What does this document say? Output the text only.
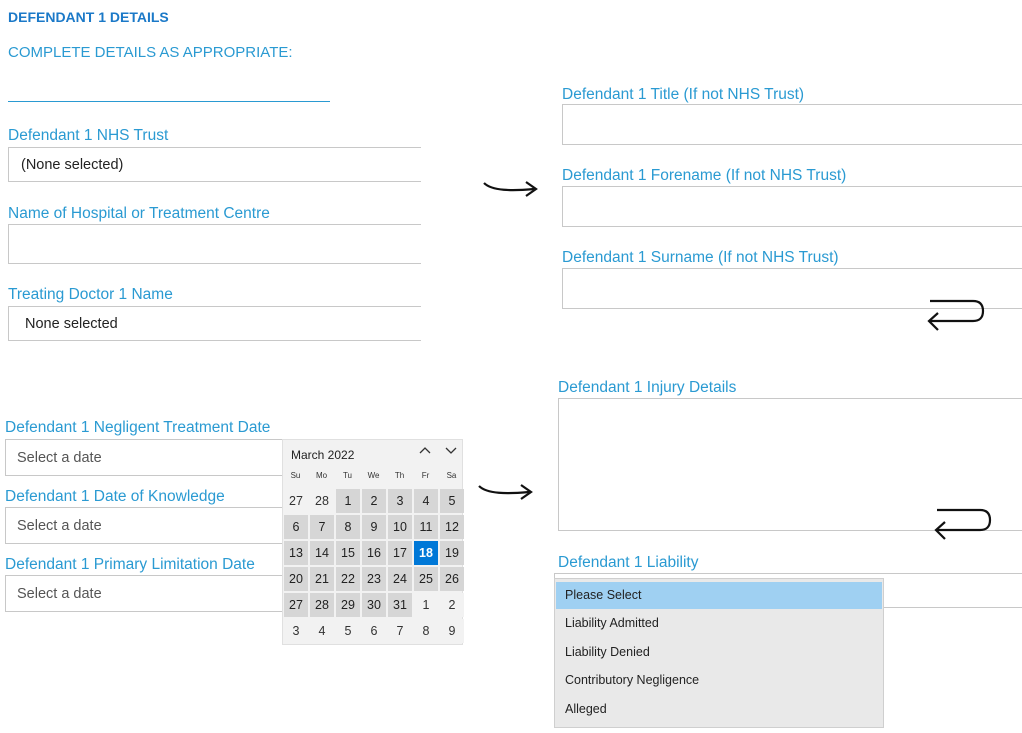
DEFENDANT 1 DETAILS
COMPLETE DETAILS AS APPROPRIATE:
Defendant 1 NHS Trust
(None selected)
Name of Hospital or Treatment Centre
Treating Doctor 1 Name
None selected
Defendant 1 Negligent Treatment Date
Select a date
Defendant 1 Date of Knowledge
Select a date
Defendant 1 Primary Limitation Date
Select a date
March 2022
Su	Mo	Tu	We	Th	Fr	Sa
27 28	1	2	3	4	5
6	7	8	9	10	11	12
13 14 15 16 17 18 19
20 21 22 23 24 25 26
27 28 29 30 31	1	2
3	4	5	6	7	8	9
Defendant 1 Title (If not NHS Trust)
Defendant 1 Forename (If not NHS Trust)
Defendant 1 Surname (If not NHS Trust)
Defendant 1 Injury Details
Defendant 1 Liability
Please Select
Liability Admitted
Liability Denied
Contributory Negligence
Alleged
